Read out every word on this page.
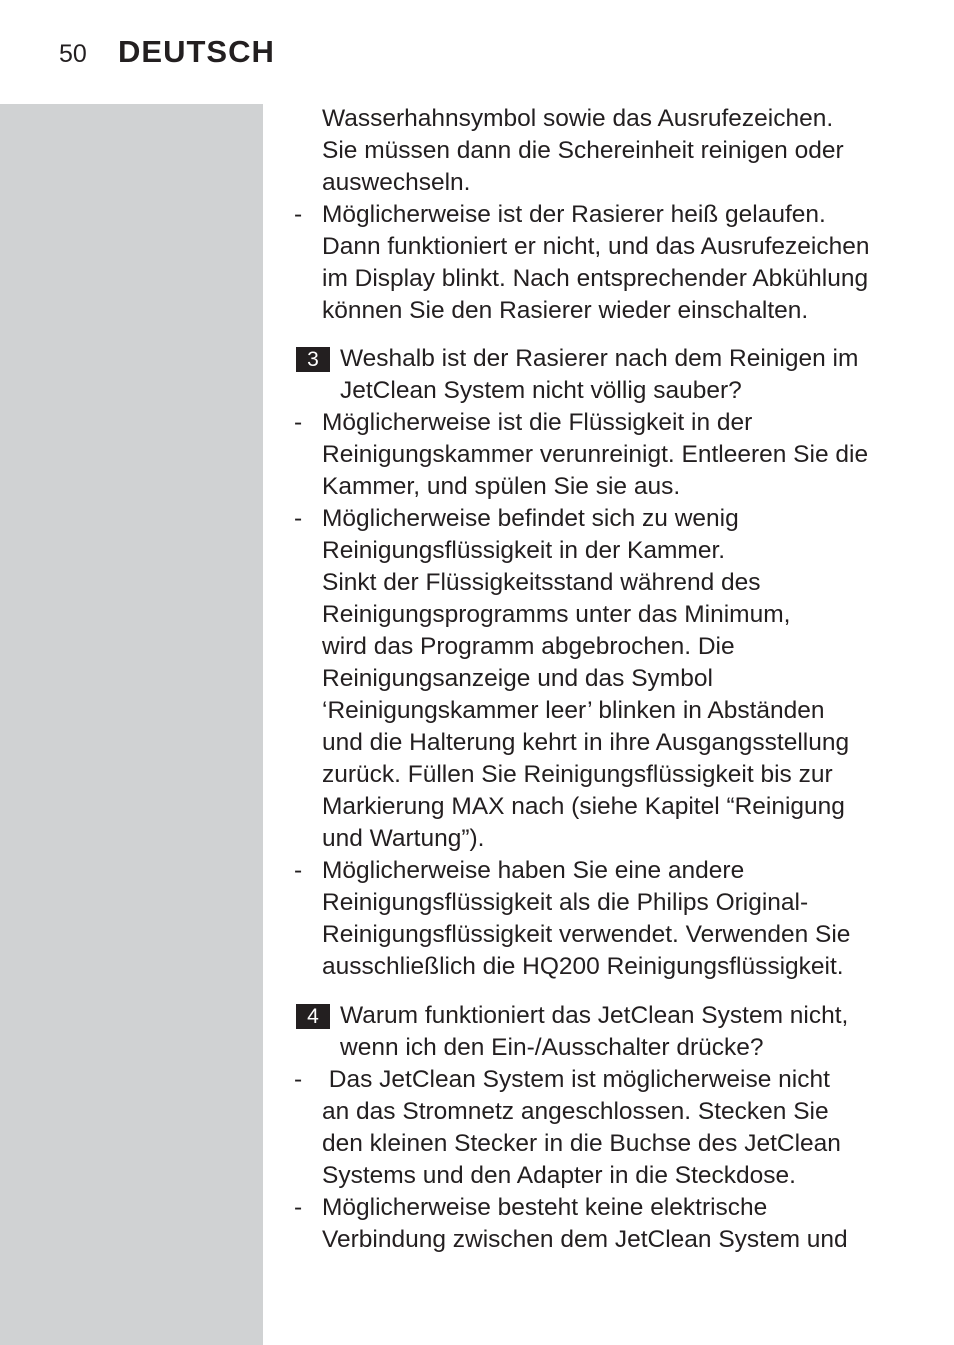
50 DEUTSCH
Wasserhahnsymbol sowie das Ausrufezeichen.
Sie müssen dann die Schereinheit reinigen oder
auswechseln.
- Möglicherweise ist der Rasierer heiß gelaufen.
Dann funktioniert er nicht, und das Ausrufezeichen
im Display blinkt. Nach entsprechender Abkühlung
können Sie den Rasierer wieder einschalten.
3 Weshalb ist der Rasierer nach dem Reinigen im
JetClean System nicht völlig sauber?
- Möglicherweise ist die Flüssigkeit in der
Reinigungskammer verunreinigt. Entleeren Sie die
Kammer, und spülen Sie sie aus.
- Möglicherweise befindet sich zu wenig
Reinigungsflüssigkeit in der Kammer.
Sinkt der Flüssigkeitsstand während des
Reinigungsprogramms unter das Minimum,
wird das Programm abgebrochen. Die
Reinigungsanzeige und das Symbol
‘Reinigungskammer leer’ blinken in Abständen
und die Halterung kehrt in ihre Ausgangsstellung
zurück. Füllen Sie Reinigungsflüssigkeit bis zur
Markierung MAX nach (siehe Kapitel “Reinigung
und Wartung”).
- Möglicherweise haben Sie eine andere
Reinigungsflüssigkeit als die Philips Original-
Reinigungsflüssigkeit verwendet. Verwenden Sie
ausschließlich die HQ200 Reinigungsflüssigkeit.
4 Warum funktioniert das JetClean System nicht,
wenn ich den Ein-/Ausschalter drücke?
- Das JetClean System ist möglicherweise nicht
an das Stromnetz angeschlossen. Stecken Sie
den kleinen Stecker in die Buchse des JetClean
Systems und den Adapter in die Steckdose.
- Möglicherweise besteht keine elektrische
Verbindung zwischen dem JetClean System und
